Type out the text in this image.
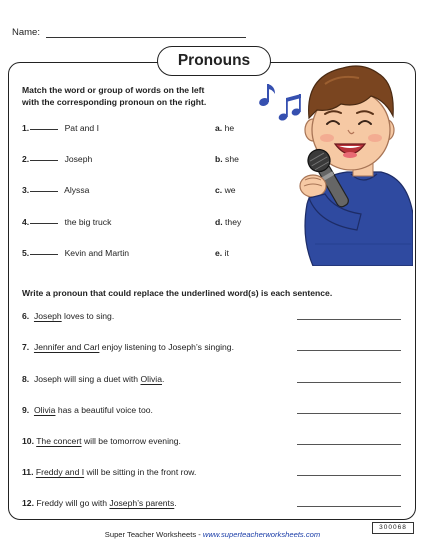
Name:
Pronouns
Match the word or group of words on the left
with the corresponding pronoun on the right.
1.	Pat and I
2.	Joseph
3.	Alyssa
4.	the big truck
5.	Kevin and Martin
a. he
b. she
c. we
d. they
e. it
Write a pronoun that could replace the underlined word(s) is each sentence.
6. Joseph loves to sing.
7. Jennifer and Carl enjoy listening to Joseph’s singing.
8. Joseph will sing a duet with Olivia.
9. Olivia has a beautiful voice too.
10. The concert will be tomorrow evening.
11. Freddy and I will be sitting in the front row.
12. Freddy will go with Joseph’s parents.
300068
Super Teacher Worksheets - www.superteacherworksheets.com
